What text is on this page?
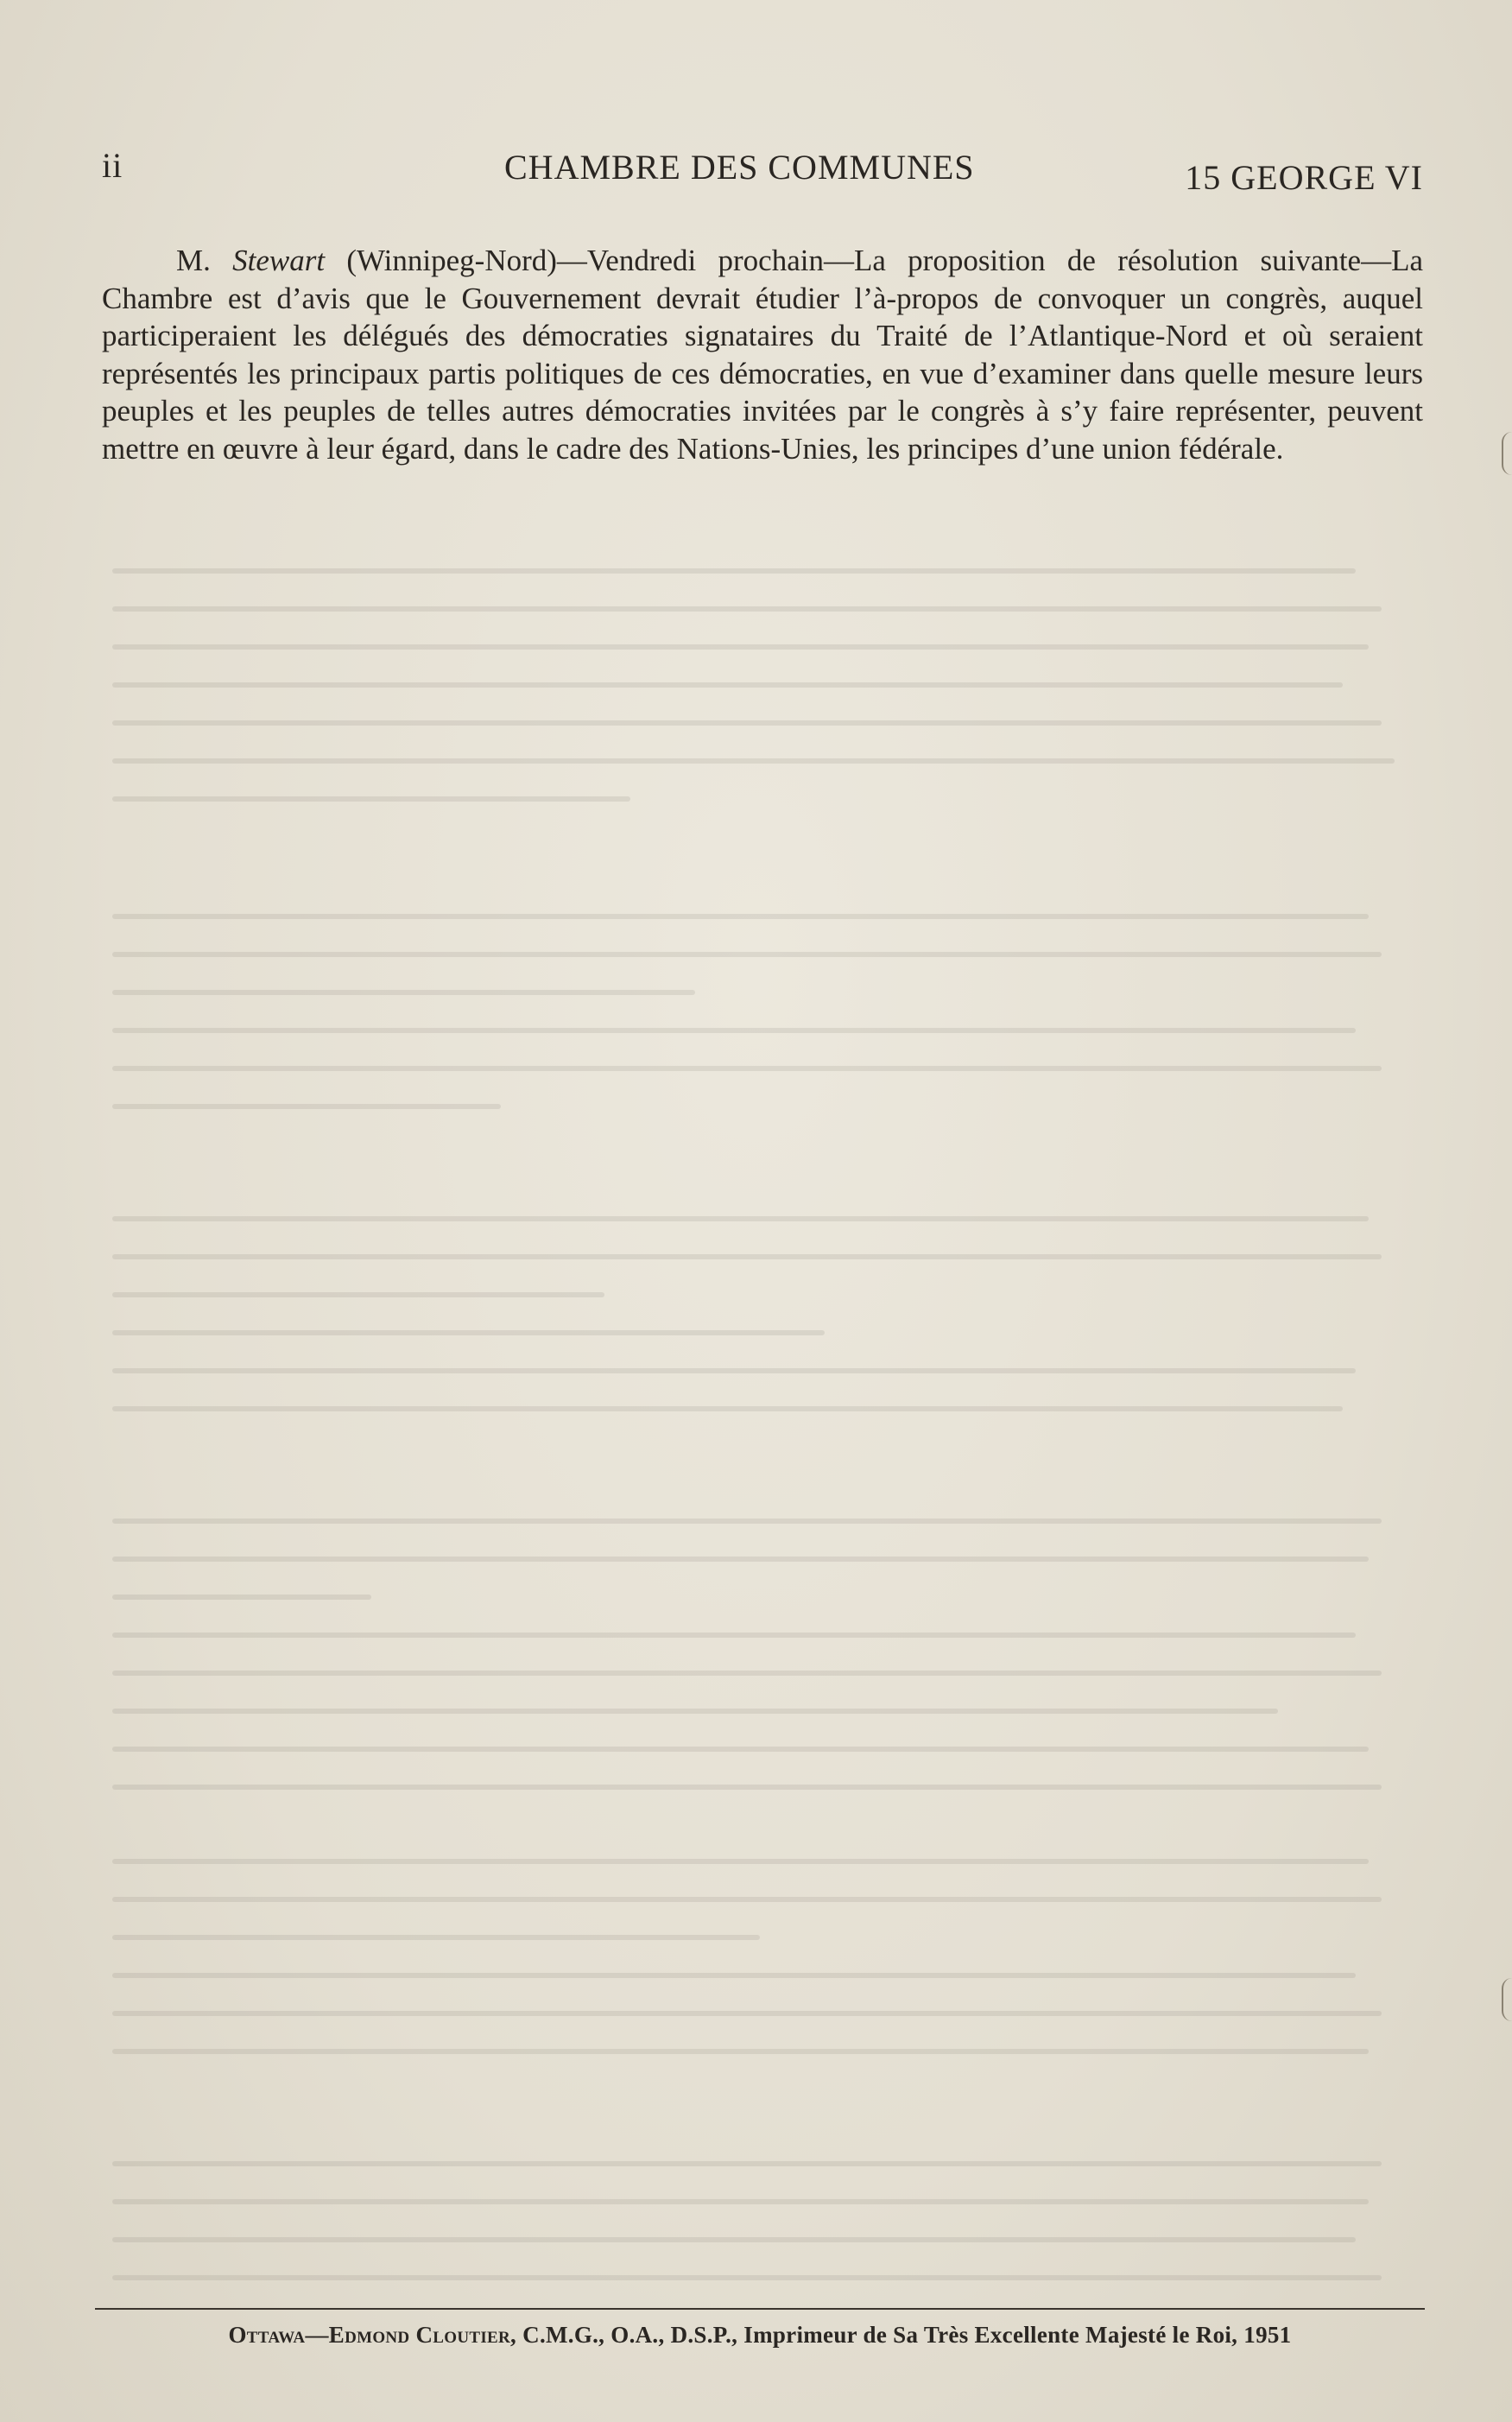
ii	CHAMBRE DES COMMUNES	15 GEORGE VI

M. Stewart (Winnipeg-Nord)—Vendredi prochain—La proposition de résolution suivante—La Chambre est d’avis que le Gouvernement devrait étudier l’à-propos de convoquer un congrès, auquel participeraient les délégués des démocraties signataires du Traité de l’Atlantique-Nord et où seraient représentés les principaux partis politiques de ces démocraties, en vue d’examiner dans quelle mesure leurs peuples et les peuples de telles autres démocraties invitées par le congrès à s’y faire représenter, peuvent mettre en œuvre à leur égard, dans le cadre des Nations-Unies, les principes d’une union fédérale.

Ottawa—Edmond Cloutier, C.M.G., O.A., D.S.P., Imprimeur de Sa Très Excellente Majesté le Roi, 1951
